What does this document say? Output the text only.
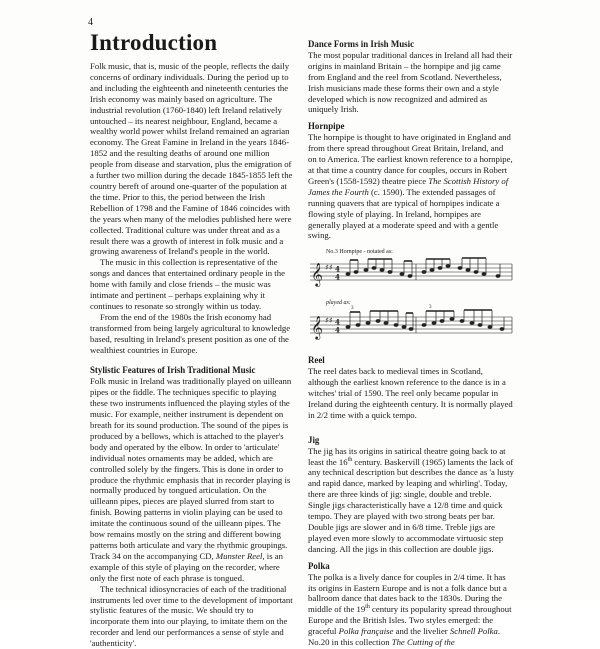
4
Introduction

Folk music, that is, music of the people, reflects the daily concerns of ordinary individuals. During the period up to and including the eighteenth and nineteenth centuries the Irish economy was mainly based on agriculture. The industrial revolution (1760-1840) left Ireland relatively untouched – its nearest neighbour, England, became a wealthy world power whilst Ireland remained an agrarian economy. The Great Famine in Ireland in the years 1846-1852 and the resulting deaths of around one million people from disease and starvation, plus the emigration of a further two million during the decade 1845-1855 left the country bereft of around one-quarter of the population at the time. Prior to this, the period between the Irish Rebellion of 1798 and the Famine of 1846 coincides with the years when many of the melodies published here were collected. Traditional culture was under threat and as a result there was a growth of interest in folk music and a growing awareness of Ireland's people in the world.

The music in this collection is representative of the songs and dances that entertained ordinary people in the home with family and close friends – the music was intimate and pertinent – perhaps explaining why it continues to resonate so strongly within us today.

From the end of the 1980s the Irish economy had transformed from being largely agricultural to knowledge based, resulting in Ireland's present position as one of the wealthiest countries in Europe.

Stylistic Features of Irish Traditional Music

Folk music in Ireland was traditionally played on uilleann pipes or the fiddle. The techniques specific to playing these two instruments influenced the playing styles of the music. For example, neither instrument is dependent on breath for its sound production. The sound of the pipes is produced by a bellows, which is attached to the player's body and operated by the elbow. In order to 'articulate' individual notes ornaments may be added, which are controlled solely by the fingers. This is done in order to produce the rhythmic emphasis that in recorder playing is normally produced by tongued articulation. On the uilleann pipes, pieces are played slurred from start to finish. Bowing patterns in violin playing can be used to imitate the continuous sound of the uilleann pipes. The bow remains mostly on the string and different bowing patterns both articulate and vary the rhythmic groupings. Track 34 on the accompanying CD, Munster Reel, is an example of this style of playing on the recorder, where only the first note of each phrase is tongued.

The technical idiosyncracies of each of the traditional instruments led over time to the development of important stylistic features of the music. We should try to incorporate them into our playing, to imitate them on the recorder and lend our performances a sense of style and 'authenticity'.

Dance Forms in Irish Music

The most popular traditional dances in Ireland all had their origins in mainland Britain – the hornpipe and jig came from England and the reel from Scotland. Nevertheless, Irish musicians made these forms their own and a style developed which is now recognized and admired as uniquely Irish.

Hornpipe

The hornpipe is thought to have originated in England and from there spread throughout Great Britain, Ireland, and on to America. The earliest known reference to a hornpipe, at that time a country dance for couples, occurs in Robert Green's (1558-1592) theatre piece The Scottish History of James the Fourth (c. 1590). The extended passages of running quavers that are typical of hornpipes indicate a flowing style of playing. In Ireland, hornpipes are generally played at a moderate speed and with a gentle swing.

No.3 Hornpipe - notated as:
𝄞 ♯♯ 4
4
played as:
𝄞 ♯♯ 4
4
3	3
Reel

The reel dates back to medieval times in Scotland, although the earliest known reference to the dance is in a witches' trial of 1590. The reel only became popular in Ireland during the eighteenth century. It is normally played in 2/2 time with a quick tempo.

Jig

The jig has its origins in satirical theatre going back to at least the 16th century. Baskervill (1965) laments the lack of any technical description but describes the dance as 'a lusty and rapid dance, marked by leaping and whirling'. Today, there are three kinds of jig: single, double and treble. Single jigs characteristically have a 12/8 time and quick tempo. They are played with two strong beats per bar. Double jigs are slower and in 6/8 time. Treble jigs are played even more slowly to accommodate virtuosic step dancing. All the jigs in this collection are double jigs.

Polka

The polka is a lively dance for couples in 2/4 time. It has its origins in Eastern Europe and is not a folk dance but a ballroom dance that dates back to the 1830s. During the middle of the 19th century its popularity spread throughout Europe and the British Isles. Two styles emerged: the graceful Polka française and the livelier Schnell Polka. No.20 in this collection The Cutting of the
